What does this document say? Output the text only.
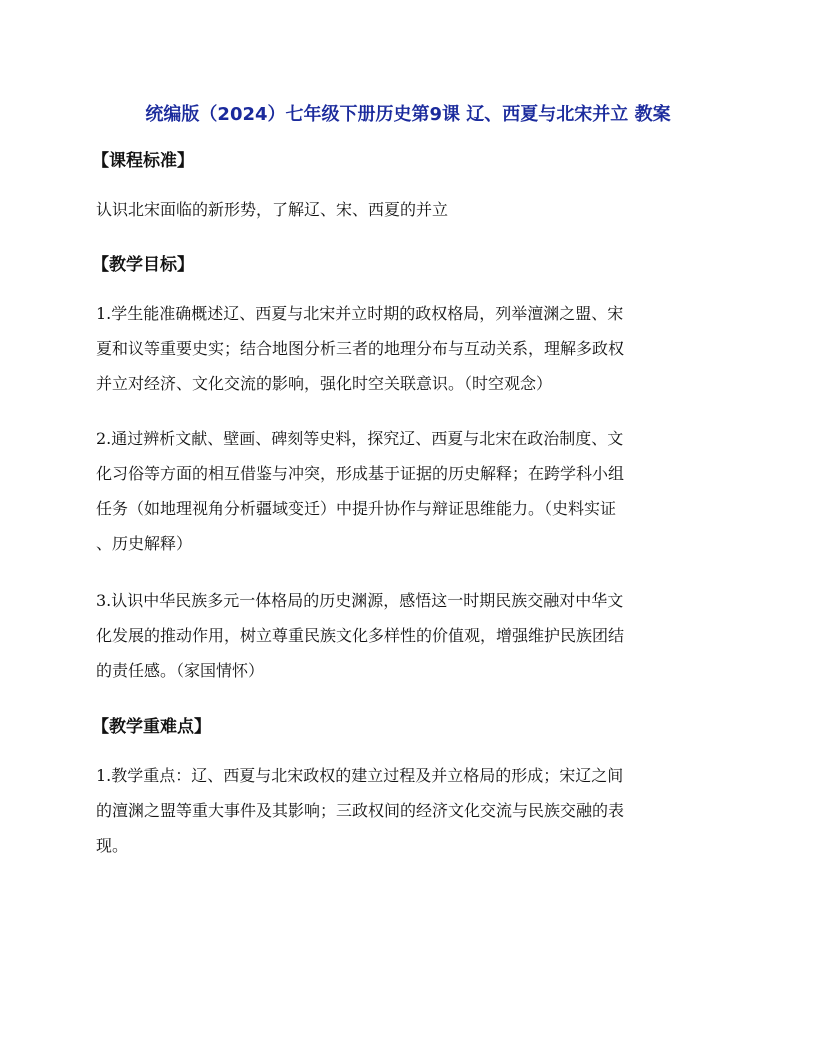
统编版（2024）七年级下册历史第9课 辽、西夏与北宋并立 教案
【课程标准】
认识北宋面临的新形势，了解辽、宋、西夏的并立
【教学目标】
1.学生能准确概述辽、西夏与北宋并立时期的政权格局，列举澶渊之盟、宋
夏和议等重要史实；结合地图分析三者的地理分布与互动关系，理解多政权
并立对经济、文化交流的影响，强化时空关联意识。（时空观念）
2.通过辨析文献、壁画、碑刻等史料，探究辽、西夏与北宋在政治制度、文
化习俗等方面的相互借鉴与冲突，形成基于证据的历史解释；在跨学科小组
任务（如地理视角分析疆域变迁）中提升协作与辩证思维能力。（史料实证
、历史解释）
3.认识中华民族多元一体格局的历史渊源，感悟这一时期民族交融对中华文
化发展的推动作用，树立尊重民族文化多样性的价值观，增强维护民族团结
的责任感。（家国情怀）
【教学重难点】
1.教学重点：辽、西夏与北宋政权的建立过程及并立格局的形成；宋辽之间
的澶渊之盟等重大事件及其影响；三政权间的经济文化交流与民族交融的表
现。
